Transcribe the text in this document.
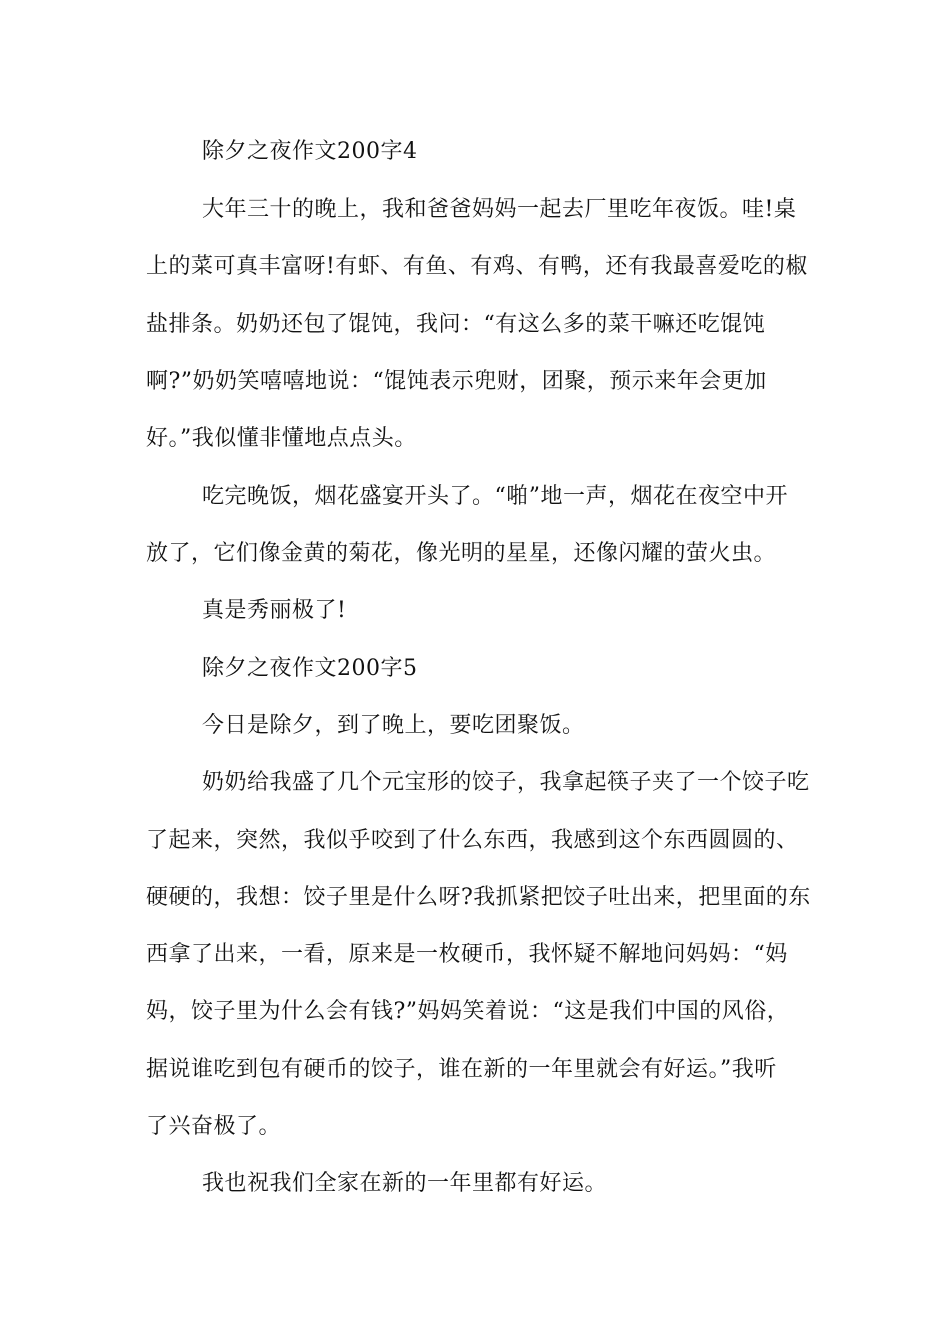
除夕之夜作文200字4
大年三十的晚上，我和爸爸妈妈一起去厂里吃年夜饭。哇!桌
上的菜可真丰富呀!有虾、有鱼、有鸡、有鸭，还有我最喜爱吃的椒
盐排条。奶奶还包了馄饨，我问：“有这么多的菜干嘛还吃馄饨
啊?”奶奶笑嘻嘻地说：“馄饨表示兜财，团聚，预示来年会更加
好。”我似懂非懂地点点头。
吃完晚饭，烟花盛宴开头了。“啪”地一声，烟花在夜空中开
放了，它们像金黄的菊花，像光明的星星，还像闪耀的萤火虫。
真是秀丽极了!
除夕之夜作文200字5
今日是除夕，到了晚上，要吃团聚饭。
奶奶给我盛了几个元宝形的饺子，我拿起筷子夹了一个饺子吃
了起来，突然，我似乎咬到了什么东西，我感到这个东西圆圆的、
硬硬的，我想：饺子里是什么呀?我抓紧把饺子吐出来，把里面的东
西拿了出来，一看，原来是一枚硬币，我怀疑不解地问妈妈：“妈
妈，饺子里为什么会有钱?”妈妈笑着说：“这是我们中国的风俗，
据说谁吃到包有硬币的饺子，谁在新的一年里就会有好运。”我听
了兴奋极了。
我也祝我们全家在新的一年里都有好运。
